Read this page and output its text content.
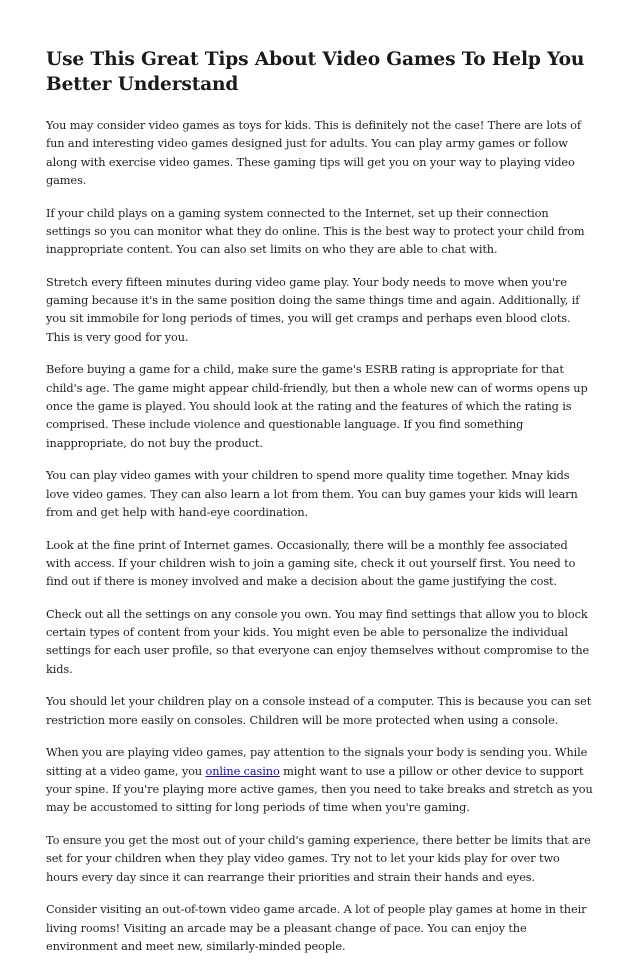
Use This Great Tips About Video Games To Help You Better Understand

You may consider video games as toys for kids. This is definitely not the case! There are lots of fun and interesting video games designed just for adults. You can play army games or follow along with exercise video games. These gaming tips will get you on your way to playing video games.

If your child plays on a gaming system connected to the Internet, set up their connection settings so you can monitor what they do online. This is the best way to protect your child from inappropriate content. You can also set limits on who they are able to chat with.

Stretch every fifteen minutes during video game play. Your body needs to move when you're gaming because it's in the same position doing the same things time and again. Additionally, if you sit immobile for long periods of times, you will get cramps and perhaps even blood clots. This is very good for you.

Before buying a game for a child, make sure the game's ESRB rating is appropriate for that child's age. The game might appear child-friendly, but then a whole new can of worms opens up once the game is played. You should look at the rating and the features of which the rating is comprised. These include violence and questionable language. If you find something inappropriate, do not buy the product.

You can play video games with your children to spend more quality time together. Mnay kids love video games. They can also learn a lot from them. You can buy games your kids will learn from and get help with hand-eye coordination.

Look at the fine print of Internet games. Occasionally, there will be a monthly fee associated with access. If your children wish to join a gaming site, check it out yourself first. You need to find out if there is money involved and make a decision about the game justifying the cost.

Check out all the settings on any console you own. You may find settings that allow you to block certain types of content from your kids. You might even be able to personalize the individual settings for each user profile, so that everyone can enjoy themselves without compromise to the kids.

You should let your children play on a console instead of a computer. This is because you can set restriction more easily on consoles. Children will be more protected when using a console.

When you are playing video games, pay attention to the signals your body is sending you. While sitting at a video game, you online casino might want to use a pillow or other device to support your spine. If you're playing more active games, then you need to take breaks and stretch as you may be accustomed to sitting for long periods of time when you're gaming.

To ensure you get the most out of your child's gaming experience, there better be limits that are set for your children when they play video games. Try not to let your kids play for over two hours every day since it can rearrange their priorities and strain their hands and eyes.

Consider visiting an out-of-town video game arcade. A lot of people play games at home in their living rooms! Visiting an arcade may be a pleasant change of pace. You can enjoy the environment and meet new, similarly-minded people.
